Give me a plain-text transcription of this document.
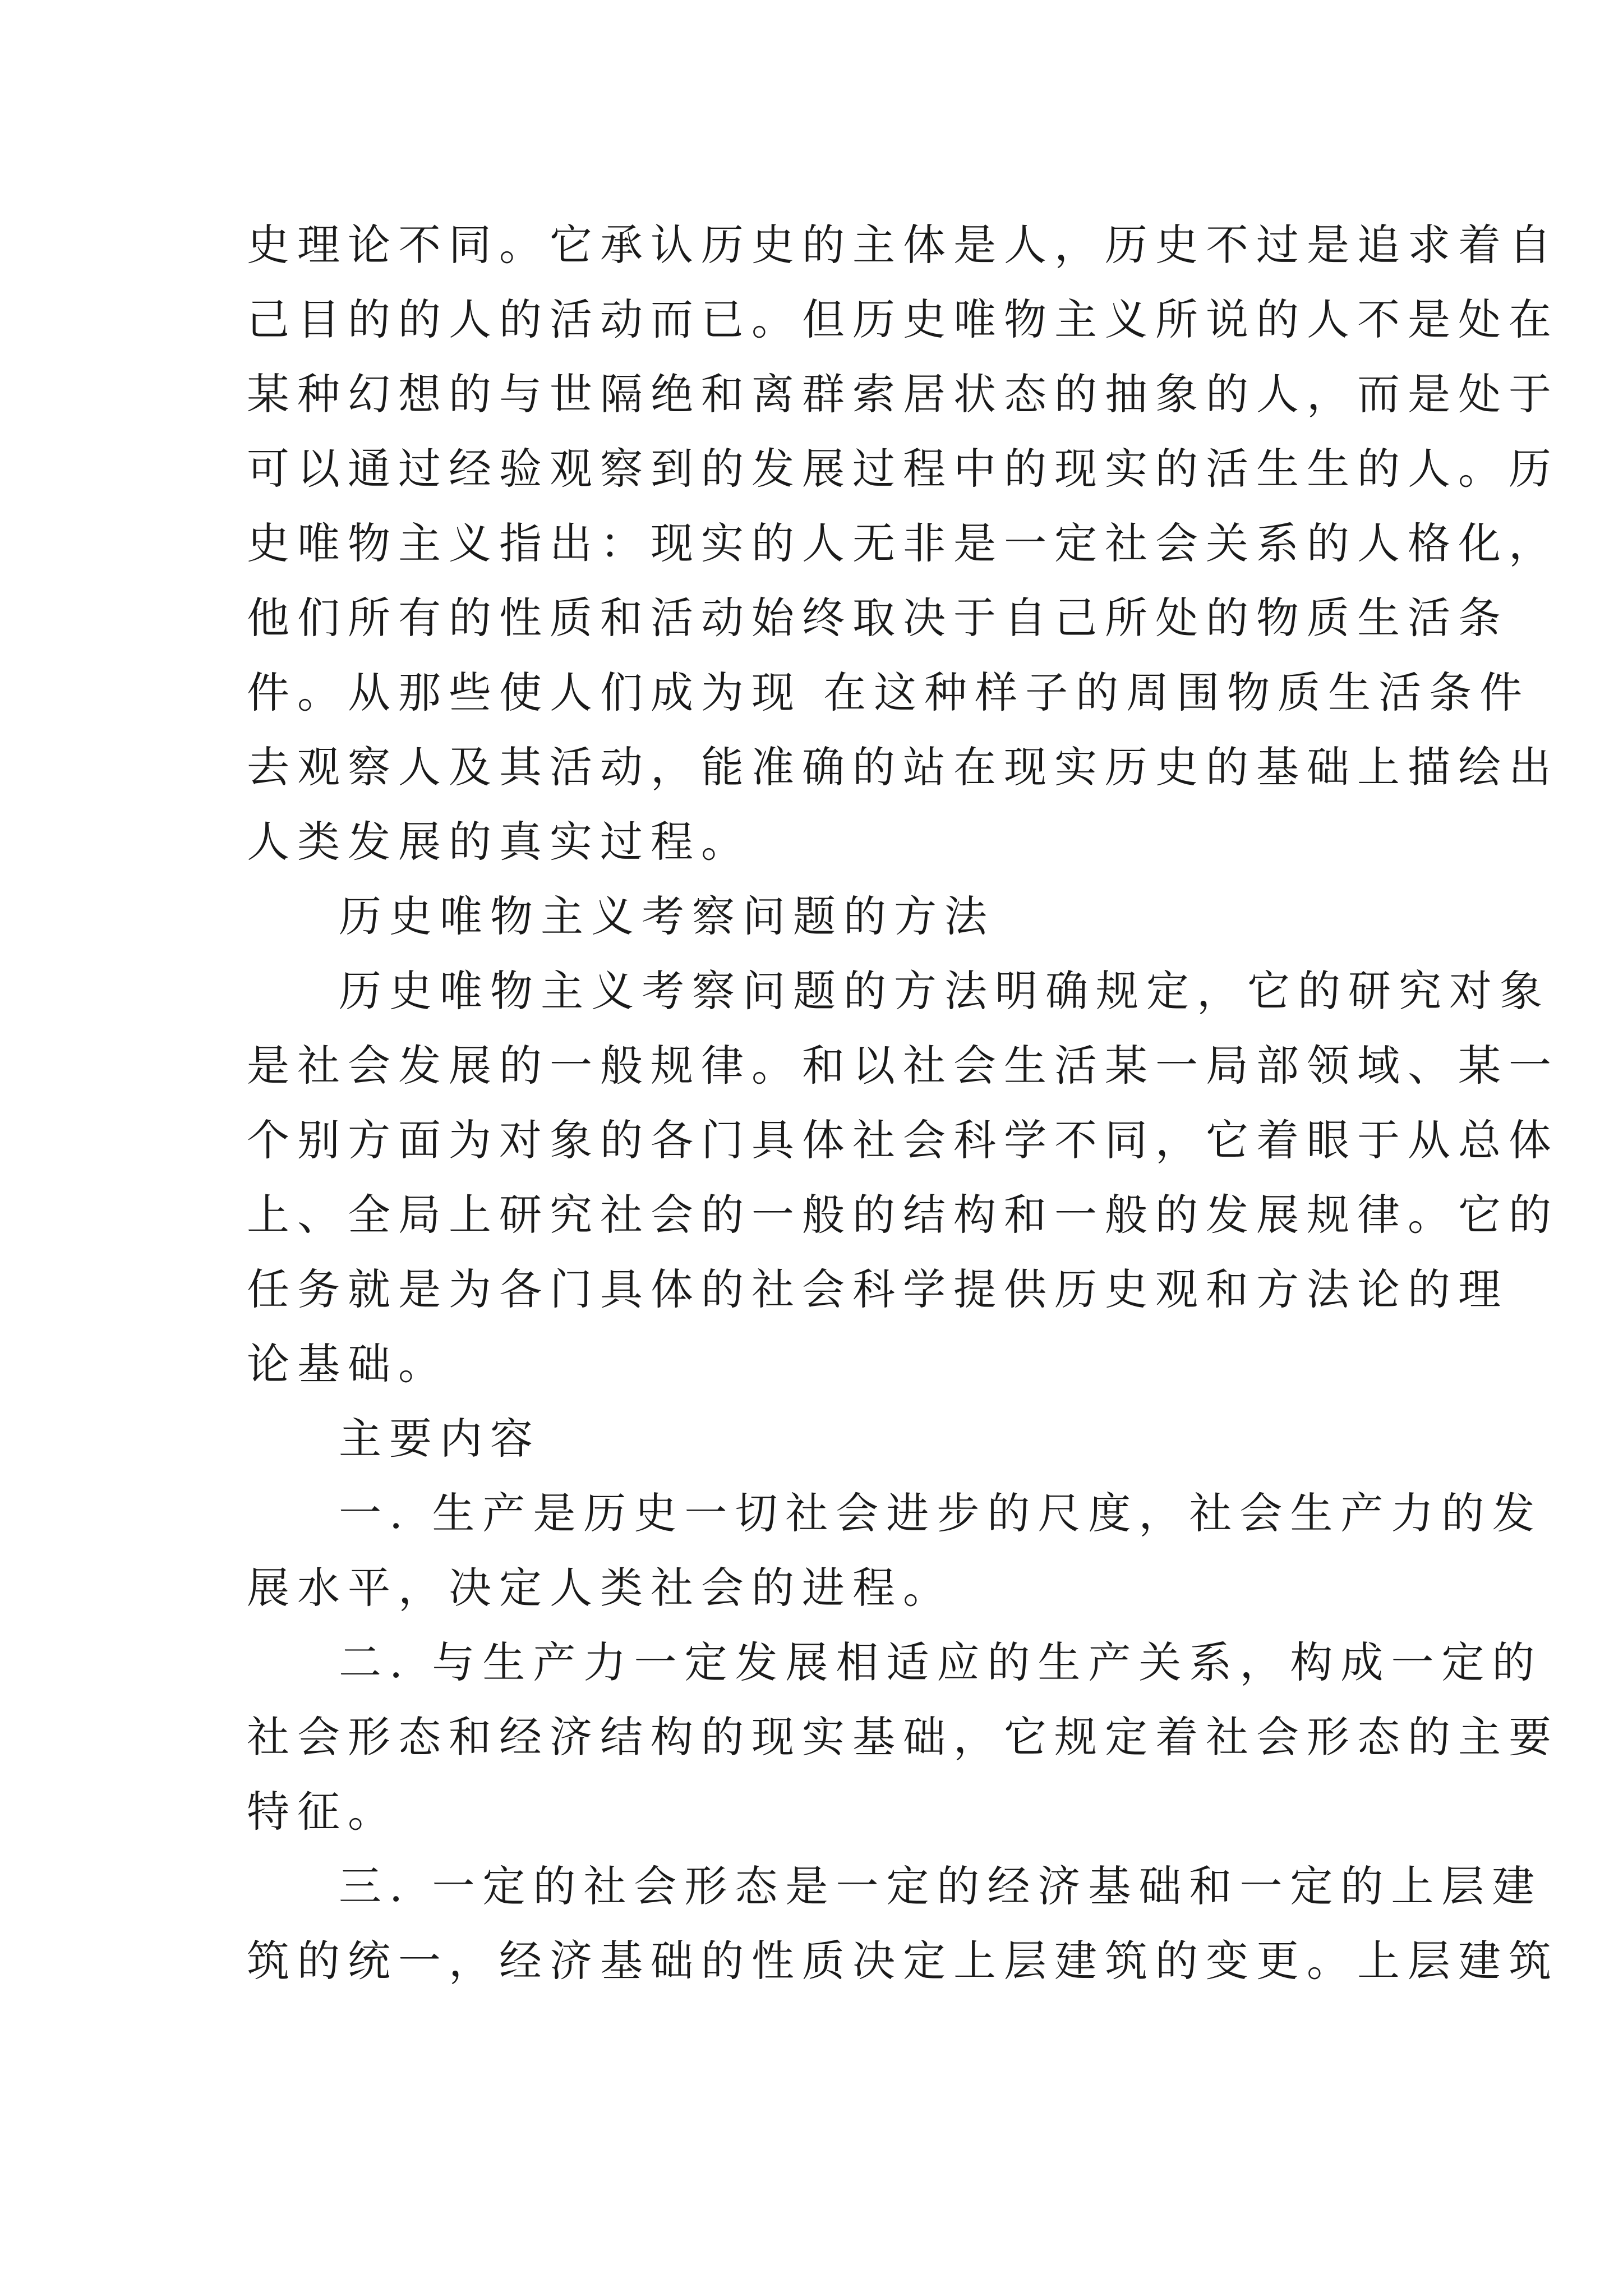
史理论不同。它承认历史的主体是人，历史不过是追求着自
己目的的人的活动而已。但历史唯物主义所说的人不是处在
某种幻想的与世隔绝和离群索居状态的抽象的人，而是处于
可以通过经验观察到的发展过程中的现实的活生生的人。历
史唯物主义指出：现实的人无非是一定社会关系的人格化，
他们所有的性质和活动始终取决于自己所处的物质生活条
件。从那些使人们成为现 在这种样子的周围物质生活条件
去观察人及其活动，能准确的站在现实历史的基础上描绘出
人类发展的真实过程。
历史唯物主义考察问题的方法
历史唯物主义考察问题的方法明确规定，它的研究对象
是社会发展的一般规律。和以社会生活某一局部领域、某一
个别方面为对象的各门具体社会科学不同，它着眼于从总体
上、全局上研究社会的一般的结构和一般的发展规律。它的
任务就是为各门具体的社会科学提供历史观和方法论的理
论基础。
主要内容
一. 生产是历史一切社会进步的尺度，社会生产力的发
展水平，决定人类社会的进程。
二. 与生产力一定发展相适应的生产关系，构成一定的
社会形态和经济结构的现实基础，它规定着社会形态的主要
特征。
三. 一定的社会形态是一定的经济基础和一定的上层建
筑的统一，经济基础的性质决定上层建筑的变更。上层建筑
